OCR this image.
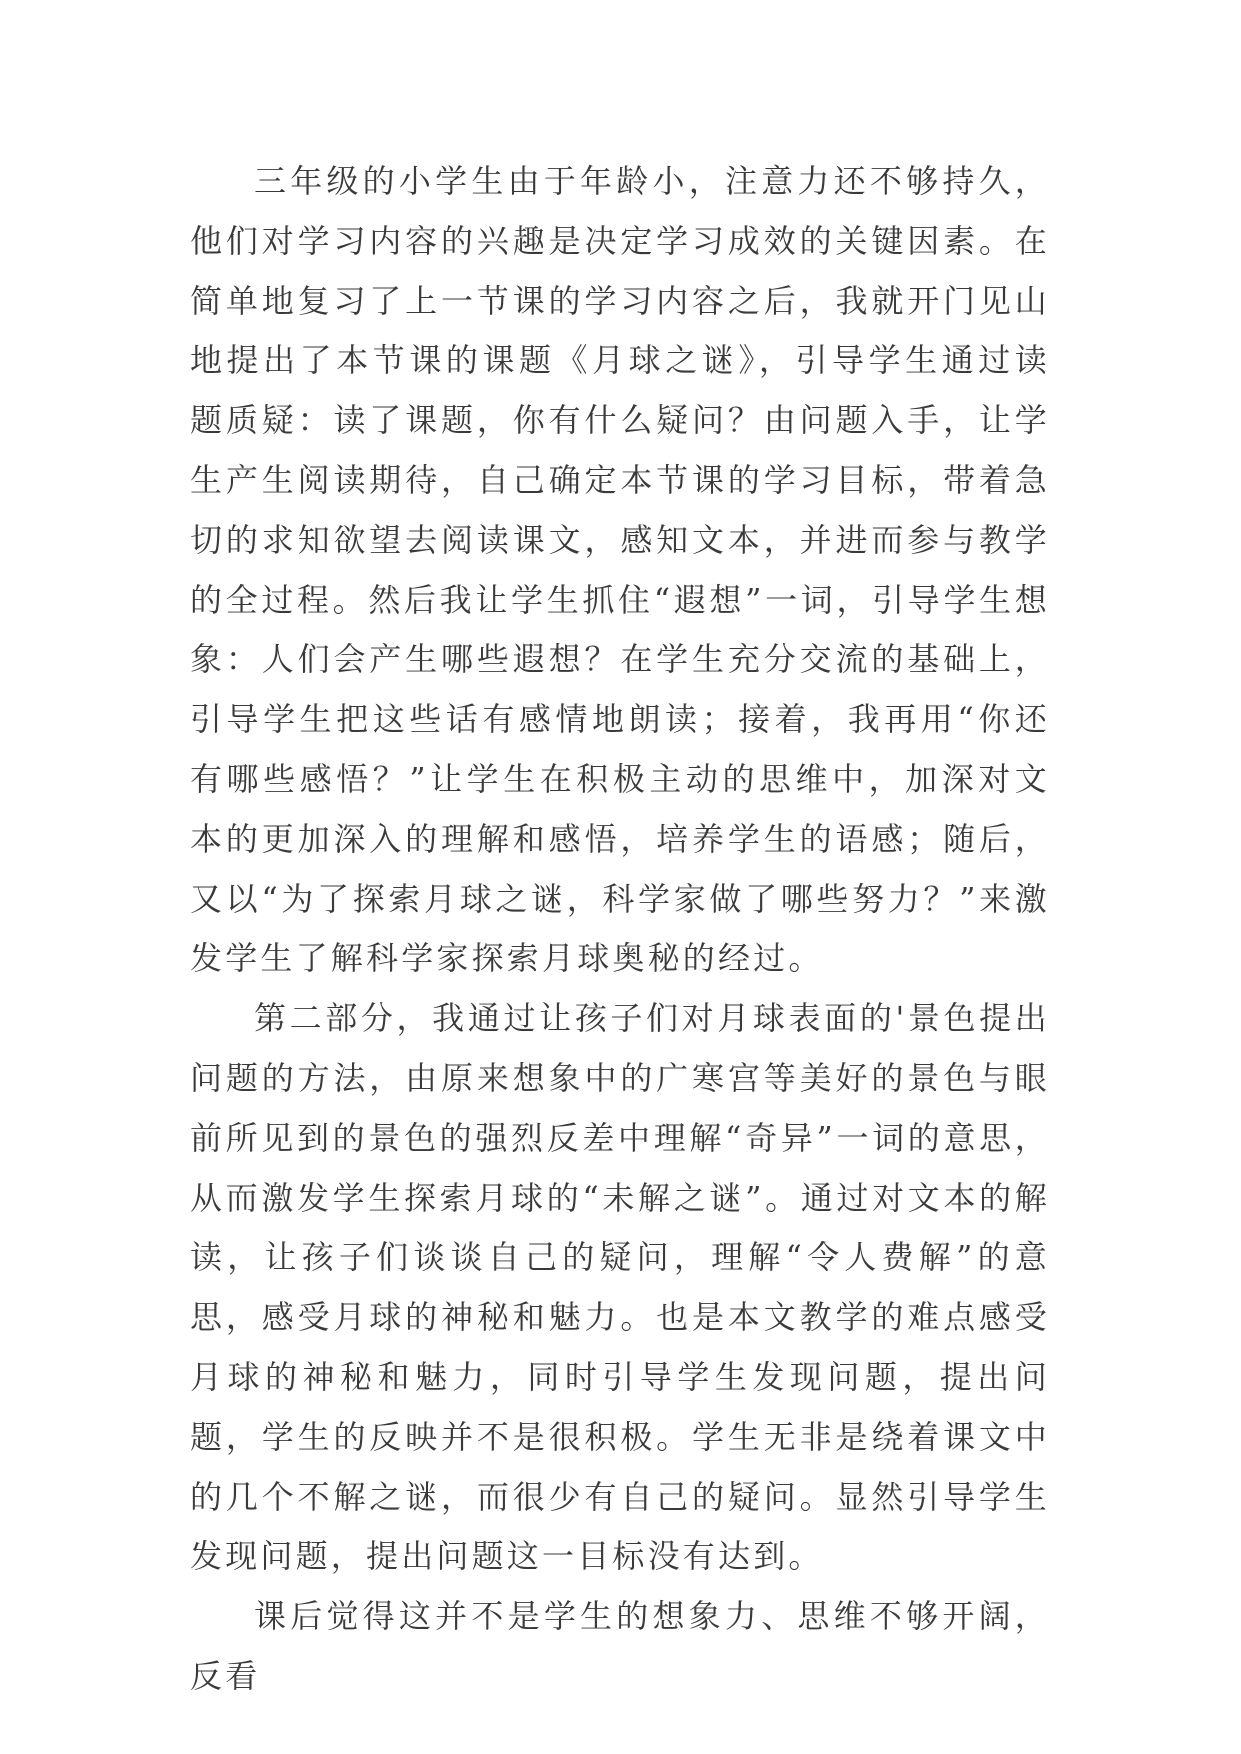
三年级的小学生由于年龄小，注意力还不够持久，他们对学习内容的兴趣是决定学习成效的关键因素。在简单地复习了上一节课的学习内容之后，我就开门见山地提出了本节课的课题《月球之谜》，引导学生通过读题质疑：读了课题，你有什么疑问？由问题入手，让学生产生阅读期待，自己确定本节课的学习目标，带着急切的求知欲望去阅读课文，感知文本，并进而参与教学的全过程。然后我让学生抓住“遐想”一词，引导学生想象：人们会产生哪些遐想？在学生充分交流的基础上，引导学生把这些话有感情地朗读；接着，我再用“你还有哪些感悟？”让学生在积极主动的思维中，加深对文本的更加深入的理解和感悟，培养学生的语感；随后，又以“为了探索月球之谜，科学家做了哪些努力？”来激发学生了解科学家探索月球奥秘的经过。

第二部分，我通过让孩子们对月球表面的'景色提出问题的方法，由原来想象中的广寒宫等美好的景色与眼前所见到的景色的强烈反差中理解“奇异”一词的意思，从而激发学生探索月球的“未解之谜”。通过对文本的解读，让孩子们谈谈自己的疑问，理解“令人费解”的意思，感受月球的神秘和魅力。也是本文教学的难点感受月球的神秘和魅力，同时引导学生发现问题，提出问题，学生的反映并不是很积极。学生无非是绕着课文中的几个不解之谜，而很少有自己的疑问。显然引导学生发现问题，提出问题这一目标没有达到。

课后觉得这并不是学生的想象力、思维不够开阔，反看
